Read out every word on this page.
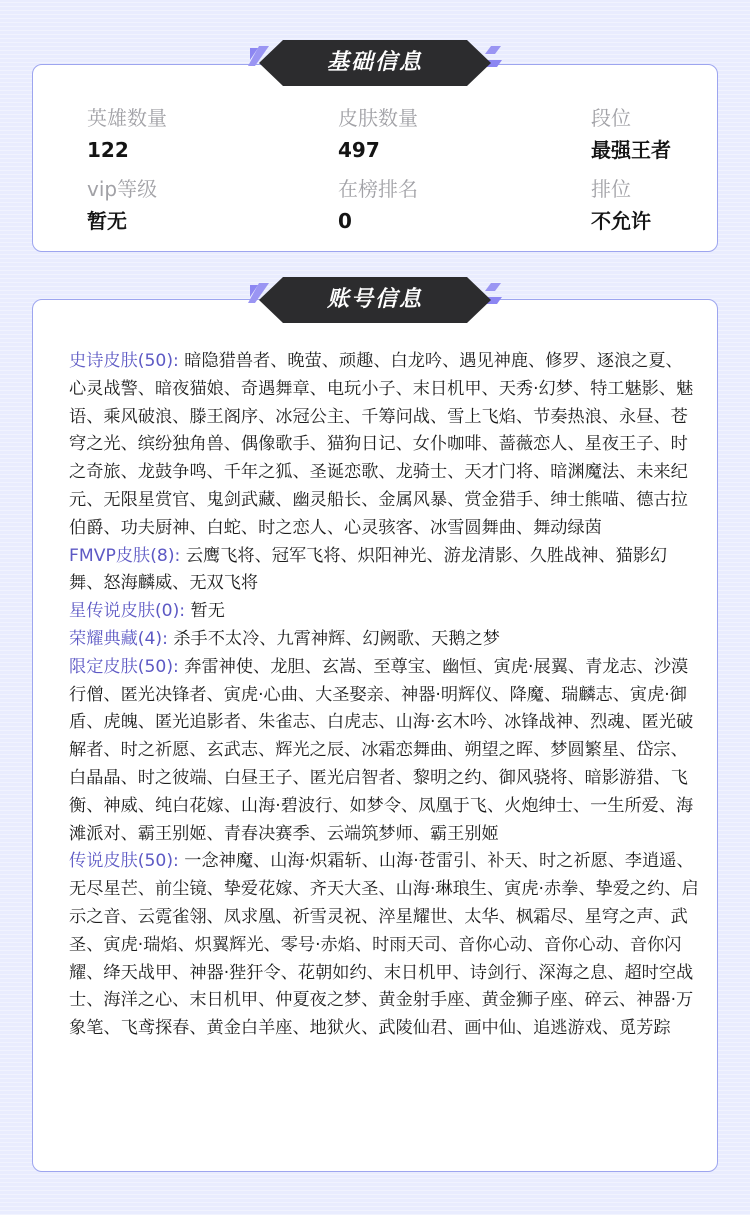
英雄数量
122
皮肤数量
497
段位
最强王者
vip等级
暂无
在榜排名
0
排位
不允许
基础信息
史诗皮肤(50): 暗隐猎兽者、晚萤、顽趣、白龙吟、遇见神鹿、修罗、逐浪之夏、心灵战警、暗夜猫娘、奇遇舞章、电玩小子、末日机甲、天秀·幻梦、特工魅影、魅语、乘风破浪、滕王阁序、冰冠公主、千筹问战、雪上飞焰、节奏热浪、永昼、苍穹之光、缤纷独角兽、偶像歌手、猫狗日记、女仆咖啡、蔷薇恋人、星夜王子、时之奇旅、龙鼓争鸣、千年之狐、圣诞恋歌、龙骑士、天才门将、暗渊魔法、未来纪元、无限星赏官、鬼剑武藏、幽灵船长、金属风暴、赏金猎手、绅士熊喵、德古拉伯爵、功夫厨神、白蛇、时之恋人、心灵骇客、冰雪圆舞曲、舞动绿茵
FMVP皮肤(8): 云鹰飞将、冠军飞将、炽阳神光、游龙清影、久胜战神、猫影幻舞、怒海麟威、无双飞将
星传说皮肤(0): 暂无
荣耀典藏(4): 杀手不太冷、九霄神辉、幻阙歌、天鹅之梦
限定皮肤(50): 奔雷神使、龙胆、玄嵩、至尊宝、幽恒、寅虎·展翼、青龙志、沙漠行僧、匿光决锋者、寅虎·心曲、大圣娶亲、神器·明辉仪、降魔、瑞麟志、寅虎·御盾、虎魄、匿光追影者、朱雀志、白虎志、山海·玄木吟、冰锋战神、烈魂、匿光破解者、时之祈愿、玄武志、辉光之辰、冰霜恋舞曲、朔望之晖、梦圆繁星、岱宗、白晶晶、时之彼端、白昼王子、匿光启智者、黎明之约、御风骁将、暗影游猎、飞衡、神威、纯白花嫁、山海·碧波行、如梦令、凤凰于飞、火炮绅士、一生所爱、海滩派对、霸王别姬、青春决赛季、云端筑梦师、霸王别姬
传说皮肤(50): 一念神魔、山海·炽霜斩、山海·苍雷引、补天、时之祈愿、李逍遥、无尽星芒、前尘镜、挚爱花嫁、齐天大圣、山海·琳琅生、寅虎·赤拳、挚爱之约、启示之音、云霓雀翎、凤求凰、祈雪灵祝、淬星耀世、太华、枫霜尽、星穹之声、武圣、寅虎·瑞焰、炽翼辉光、零号·赤焰、时雨天司、音你心动、音你心动、音你闪耀、绛天战甲、神器·狴犴令、花朝如约、末日机甲、诗剑行、深海之息、超时空战士、海洋之心、末日机甲、仲夏夜之梦、黄金射手座、黄金狮子座、碎云、神器·万象笔、飞鸢探春、黄金白羊座、地狱火、武陵仙君、画中仙、追逃游戏、觅芳踪
账号信息
